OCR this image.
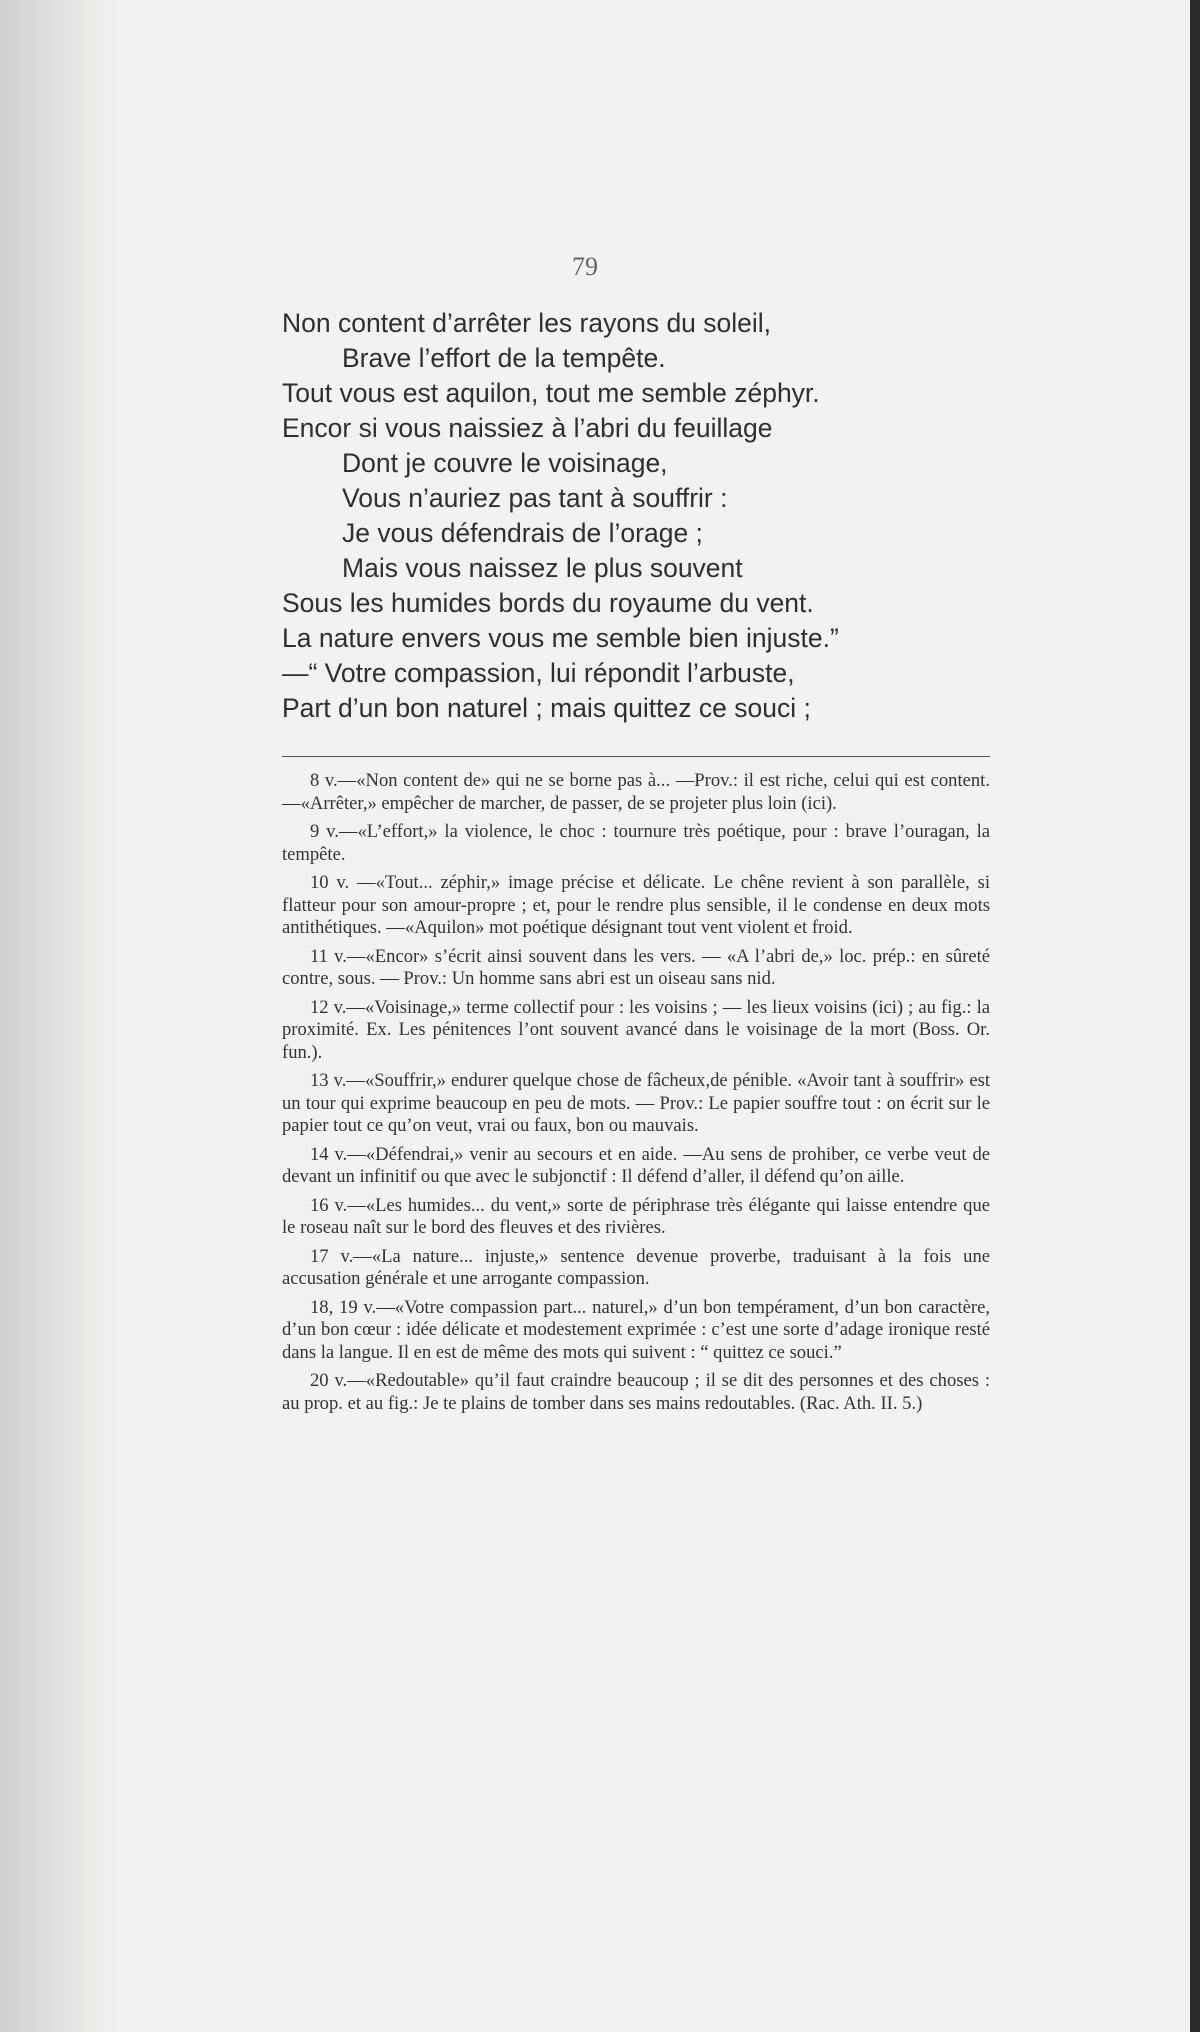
79
Non content d’arrêter les rayons du soleil,
Brave l’effort de la tempête.
Tout vous est aquilon, tout me semble zéphyr.
Encor si vous naissiez à l’abri du feuillage
Dont je couvre le voisinage,
Vous n’auriez pas tant à souffrir :
Je vous défendrais de l’orage ;
Mais vous naissez le plus souvent
Sous les humides bords du royaume du vent.
La nature envers vous me semble bien injuste.”
—“ Votre compassion, lui répondit l’arbuste,
Part d’un bon naturel ; mais quittez ce souci ;

8 v.—«Non content de» qui ne se borne pas à... —Prov.: il est riche, celui qui est content. —«Arrêter,» empêcher de marcher, de passer, de se projeter plus loin (ici).

9 v.—«L’effort,» la violence, le choc : tournure très poétique, pour : brave l’ouragan, la tempête.

10 v. —«Tout... zéphir,» image précise et délicate. Le chêne revient à son parallèle, si flatteur pour son amour-propre ; et, pour le rendre plus sensible, il le condense en deux mots antithétiques. —«Aquilon» mot poétique désignant tout vent violent et froid.

11 v.—«Encor» s’écrit ainsi souvent dans les vers. — «A l’abri de,» loc. prép.: en sûreté contre, sous. — Prov.: Un homme sans abri est un oiseau sans nid.

12 v.—«Voisinage,» terme collectif pour : les voisins ; — les lieux voisins (ici) ; au fig.: la proximité. Ex. Les pénitences l’ont souvent avancé dans le voisinage de la mort (Boss. Or. fun.).

13 v.—«Souffrir,» endurer quelque chose de fâcheux,de pénible. «Avoir tant à souffrir» est un tour qui exprime beaucoup en peu de mots. — Prov.: Le papier souffre tout : on écrit sur le papier tout ce qu’on veut, vrai ou faux, bon ou mauvais.

14 v.—«Défendrai,» venir au secours et en aide. —Au sens de prohiber, ce verbe veut de devant un infinitif ou que avec le subjonctif : Il défend d’aller, il défend qu’on aille.

16 v.—«Les humides... du vent,» sorte de périphrase très élégante qui laisse entendre que le roseau naît sur le bord des fleuves et des rivières.

17 v.—«La nature... injuste,» sentence devenue proverbe, traduisant à la fois une accusation générale et une arrogante compassion.

18, 19 v.—«Votre compassion part... naturel,» d’un bon tempérament, d’un bon caractère, d’un bon cœur : idée délicate et modestement exprimée : c’est une sorte d’adage ironique resté dans la langue. Il en est de même des mots qui suivent : “ quittez ce souci.”

20 v.—«Redoutable» qu’il faut craindre beaucoup ; il se dit des personnes et des choses : au prop. et au fig.: Je te plains de tomber dans ses mains redoutables. (Rac. Ath. II. 5.)
